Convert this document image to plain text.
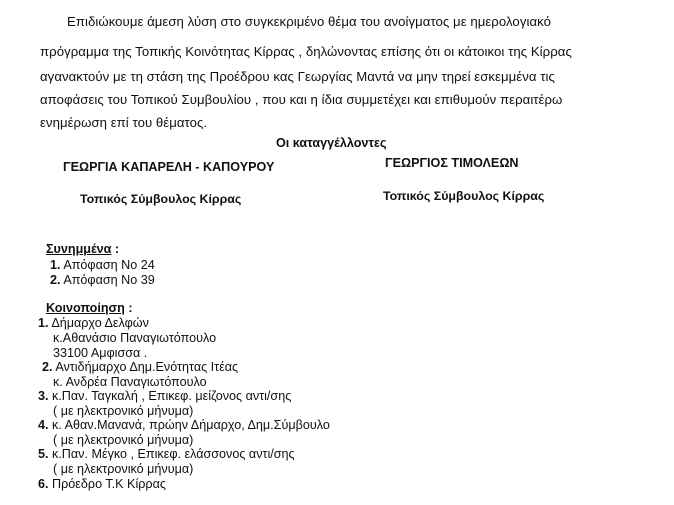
Επιδιώκουμε άμεση λύση στο συγκεκριμένο θέμα του ανοίγματος με ημερολογιακό
πρόγραμμα της Τοπικής Κοινότητας Κίρρας , δηλώνοντας επίσης ότι οι κάτοικοι της Κίρρας
αγανακτούν με τη στάση της Προέδρου κας Γεωργίας Μαντά να μην τηρεί εσκεμμένα τις
αποφάσεις του Τοπικού Συμβουλίου , που και η ίδια συμμετέχει και επιθυμούν περαιτέρω
ενημέρωση επί του θέματος.
Οι καταγγέλλοντες
ΓΕΩΡΓΙΑ ΚΑΠΑΡΕΛΗ - ΚΑΠΟΥΡΟΥ	ΓΕΩΡΓΙΟΣ ΤΙΜΟΛΕΩΝ
Τοπικός Σύμβουλος Κίρρας	Τοπικός Σύμβουλος Κίρρας
Συνημμένα :
1. Απόφαση Νο 24
2. Απόφαση Νο 39
Κοινοποίηση :
1. Δήμαρχο Δελφών
κ.Αθανάσιο Παναγιωτόπουλο
33100 Αμφισσα .
2. Αντιδήμαρχο Δημ.Ενότητας Ιτέας
κ. Ανδρέα Παναγιωτόπουλο
3. κ.Παν. Ταγκαλή , Επικεφ. μείζονος αντι/σης
( με ηλεκτρονικό μήνυμα)
4. κ. Αθαν.Μανανά, πρώην Δήμαρχο, Δημ.Σύμβουλο
( με ηλεκτρονικό μήνυμα)
5. κ.Παν. Μέγκο , Επικεφ. ελάσσονος αντι/σης
( με ηλεκτρονικό μήνυμα)
6. Πρόεδρο Τ.Κ Κίρρας
